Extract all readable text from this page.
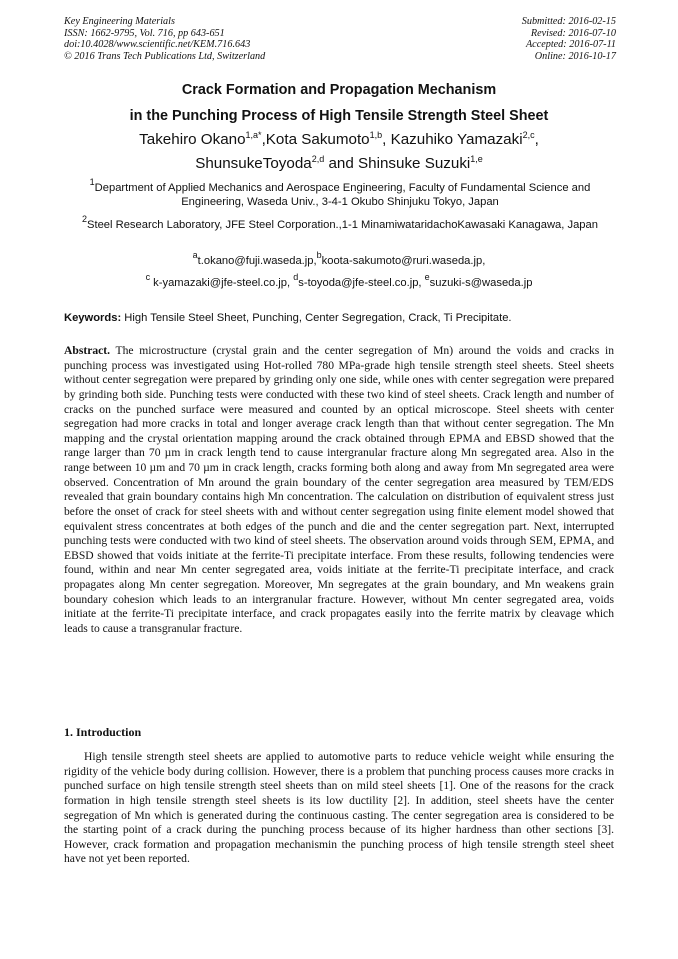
Key Engineering Materials
ISSN: 1662-9795, Vol. 716, pp 643-651
doi:10.4028/www.scientific.net/KEM.716.643
© 2016 Trans Tech Publications Ltd, Switzerland
Submitted: 2016-02-15
Revised: 2016-07-10
Accepted: 2016-07-11
Online: 2016-10-17
Crack Formation and Propagation Mechanism
in the Punching Process of High Tensile Strength Steel Sheet
Takehiro Okano$^{1,a*}$,Kota Sakumoto$^{1,b}$, Kazuhiko Yamazaki$^{2,c}$,
ShunsukeToyoda$^{2,d}$ and Shinsuke Suzuki$^{1,e}$
$^1$Department of Applied Mechanics and Aerospace Engineering, Faculty of Fundamental Science and Engineering, Waseda Univ., 3-4-1 Okubo Shinjuku Tokyo, Japan
$^2$Steel Research Laboratory, JFE Steel Corporation.,1-1 MinamiwataridachoKawasaki Kanagawa, Japan
$^a$t.okano@fuji.waseda.jp,$^b$koota-sakumoto@ruri.waseda.jp,
$^c$ k-yamazaki@jfe-steel.co.jp, $^d$s-toyoda@jfe-steel.co.jp, $^e$suzuki-s@waseda.jp
Keywords: High Tensile Steel Sheet, Punching, Center Segregation, Crack, Ti Precipitate.
Abstract. The microstructure (crystal grain and the center segregation of Mn) around the voids and cracks in punching process was investigated using Hot-rolled 780 MPa-grade high tensile strength steel sheets. Steel sheets without center segregation were prepared by grinding only one side, while ones with center segregation were prepared by grinding both side. Punching tests were conducted with these two kind of steel sheets. Crack length and number of cracks on the punched surface were measured and counted by an optical microscope. Steel sheets with center segregation had more cracks in total and longer average crack length than that without center segregation. The Mn mapping and the crystal orientation mapping around the crack obtained through EPMA and EBSD showed that the range larger than 70 µm in crack length tend to cause intergranular fracture along Mn segregated area. Also in the range between 10 µm and 70 µm in crack length, cracks forming both along and away from Mn segregated area were observed. Concentration of Mn around the grain boundary of the center segregation area measured by TEM/EDS revealed that grain boundary contains high Mn concentration. The calculation on distribution of equivalent stress just before the onset of crack for steel sheets with and without center segregation using finite element model showed that equivalent stress concentrates at both edges of the punch and die and the center segregation part. Next, interrupted punching tests were conducted with two kind of steel sheets. The observation around voids through SEM, EPMA, and EBSD showed that voids initiate at the ferrite-Ti precipitate interface. From these results, following tendencies were found, within and near Mn center segregated area, voids initiate at the ferrite-Ti precipitate interface, and crack propagates along Mn center segregation. Moreover, Mn segregates at the grain boundary, and Mn weakens grain boundary cohesion which leads to an intergranular fracture. However, without Mn center segregated area, voids initiate at the ferrite-Ti precipitate interface, and crack propagates easily into the ferrite matrix by cleavage which leads to cause a transgranular fracture.
1. Introduction
High tensile strength steel sheets are applied to automotive parts to reduce vehicle weight while ensuring the rigidity of the vehicle body during collision. However, there is a problem that punching process causes more cracks in punched surface on high tensile strength steel sheets than on mild steel sheets [1]. One of the reasons for the crack formation in high tensile strength steel sheets is its low ductility [2]. In addition, steel sheets have the center segregation of Mn which is generated during the continuous casting. The center segregation area is considered to be the starting point of a crack during the punching process because of its higher hardness than other sections [3]. However, crack formation and propagation mechanismin the punching process of high tensile strength steel sheet have not yet been reported.
